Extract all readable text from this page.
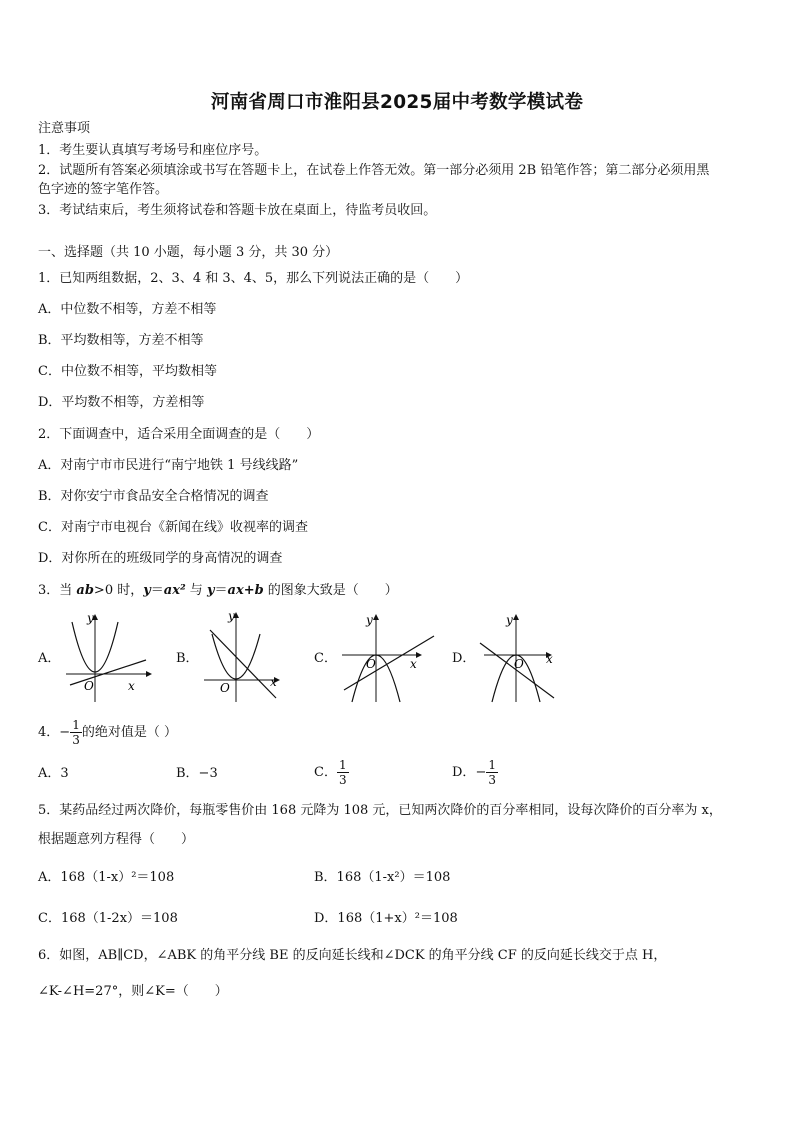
河南省周口市淮阳县2025届中考数学模试卷
注意事项
1．考生要认真填写考场号和座位序号。
2．试题所有答案必须填涂或书写在答题卡上，在试卷上作答无效。第一部分必须用 2B 铅笔作答；第二部分必须用黑
色字迹的签字笔作答。
3．考试结束后，考生须将试卷和答题卡放在桌面上，待监考员收回。
一、选择题（共 10 小题，每小题 3 分，共 30 分）
1．已知两组数据，2、3、4 和 3、4、5，那么下列说法正确的是（　　）
A．中位数不相等，方差不相等
B．平均数相等，方差不相等
C．中位数不相等，平均数相等
D．平均数不相等，方差相等
2．下面调查中，适合采用全面调查的是（　　）
A．对南宁市市民进行“南宁地铁 1 号线线路”
B．对你安宁市食品安全合格情况的调查
C．对南宁市电视台《新闻在线》收视率的调查
D．对你所在的班级同学的身高情况的调查
3．当 ab>0 时，y＝ax² 与 y＝ax+b 的图象大致是（　　）
A．
y
x
O
B．
y
x
O
C．
y
x
O	D．
y
x
O
4．− $\frac{1}{3}$ 的绝对值是（ ）
A．3	B．−3	C． $\frac{1}{3}$	D．− $\frac{1}{3}$
5．某药品经过两次降价，每瓶零售价由 168 元降为 108 元，已知两次降价的百分率相同，设每次降价的百分率为 x，
根据题意列方程得（　　）
A．168（1-x）²＝108	B．168（1-x²）＝108
C．168（1-2x）＝108	D．168（1+x）²＝108
6．如图，AB∥CD，∠ABK 的角平分线 BE 的反向延长线和∠DCK 的角平分线 CF 的反向延长线交于点 H，
∠K-∠H=27°，则∠K=（　　）
